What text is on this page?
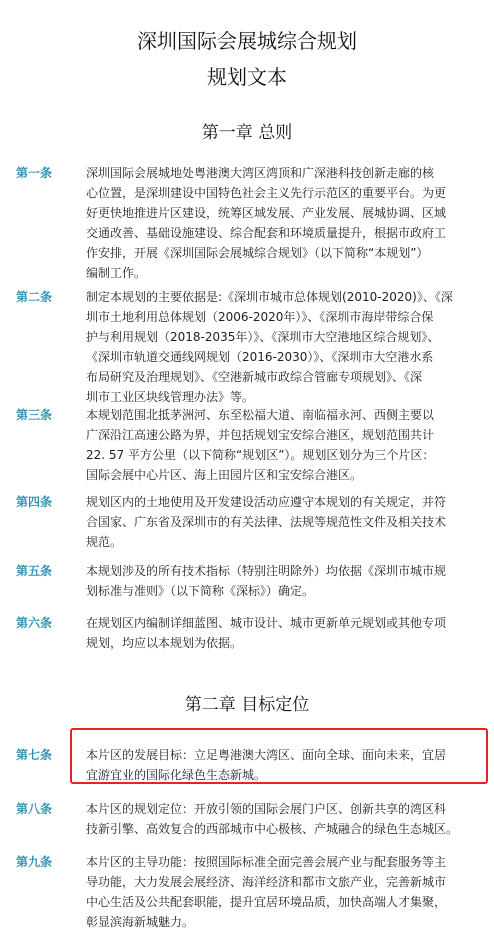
深圳国际会展城综合规划
规划文本
第一章 总则
第一条	深圳国际会展城地处粤港澳大湾区湾顶和广深港科技创新走廊的核
心位置，是深圳建设中国特色社会主义先行示范区的重要平台。为更
好更快地推进片区建设，统筹区域发展、产业发展、展城协调、区域
交通改善、基础设施建设、综合配套和环境质量提升，根据市政府工
作安排，开展《深圳国际会展城综合规划》（以下简称“本规划”）
编制工作。
第二条	制定本规划的主要依据是:《深圳市城市总体规划(2010-2020)》、《深
圳市土地利用总体规划（2006-2020年）》、《深圳市海岸带综合保
护与利用规划（2018-2035年）》、《深圳市大空港地区综合规划》、
《深圳市轨道交通线网规划（2016-2030）》、《深圳市大空港水系
布局研究及治理规划》、《空港新城市政综合管廊专项规划》、《深
圳市工业区块线管理办法》等。
第三条	本规划范围北抵茅洲河、东至松福大道、南临福永河、西侧主要以
广深沿江高速公路为界，并包括规划宝安综合港区，规划范围共计
22. 57 平方公里（以下简称“规划区”）。规划区划分为三个片区：
国际会展中心片区、海上田园片区和宝安综合港区。
第四条	规划区内的土地使用及开发建设活动应遵守本规划的有关规定，并符
合国家、广东省及深圳市的有关法律、法规等规范性文件及相关技术
规范。
第五条	本规划涉及的所有技术指标（特别注明除外）均依据《深圳市城市规
划标准与准则》（以下简称《深标》）确定。
第六条	在规划区内编制详细蓝图、城市设计、城市更新单元规划或其他专项
规划，均应以本规划为依据。
第二章 目标定位
第七条	本片区的发展目标：立足粤港澳大湾区、面向全球、面向未来，宜居
宜游宜业的国际化绿色生态新城。
第八条	本片区的规划定位：开放引领的国际会展门户区、创新共享的湾区科
技新引擎、高效复合的西部城市中心极核、产城融合的绿色生态城区。
第九条	本片区的主导功能：按照国际标准全面完善会展产业与配套服务等主
导功能，大力发展会展经济、海洋经济和都市文旅产业，完善新城市
中心生活及公共配套职能，提升宜居环境品质，加快高端人才集聚，
彰显滨海新城魅力。
